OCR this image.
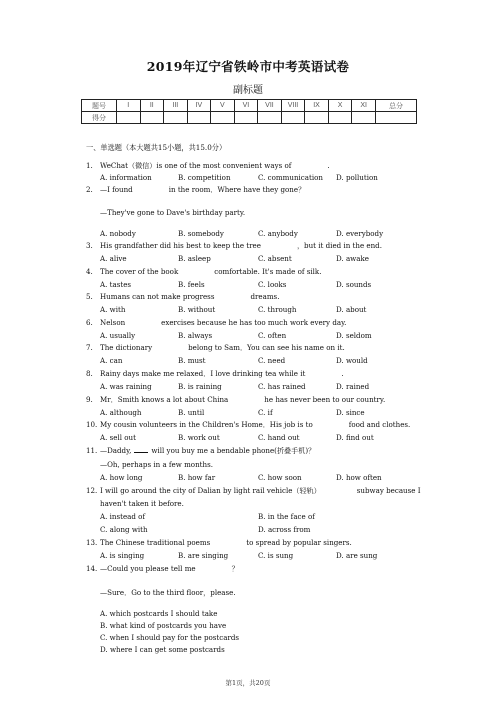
2019年辽宁省铁岭市中考英语试卷
副标题
题号	I	II	III	IV	V	VI	VII	VIII	IX	X	XI	总分
得分												
一、单选题（本大题共15小题，共15.0分）
1. WeChat（微信）is one of the most convenient ways of	.
A. information	B. competition	C. communication D. pollution
2. —I found	in the room．Where have they gone？
—They've gone to Dave's birthday party.
A. nobody	B. somebody	C. anybody	D. everybody
3. His grandfather did his best to keep the tree	，but it died in the end.
A. alive	B. asleep	C. absent	D. awake
4. The cover of the book	comfortable. It's made of silk.
A. tastes	B. feels	C. looks	D. sounds
5. Humans can not make progress	dreams.
A. with	B. without	C. through	D. about
6. Nelson	exercises because he has too much work every day.
A. usually	B. always	C. often	D. seldom
7. The dictionary	belong to Sam．You can see his name on it.
A. can	B. must	C. need	D. would
8. Rainy days make me relaxed．I love drinking tea while it	.
A. was raining	B. is raining	C. has rained	D. rained
9. Mr．Smith knows a lot about China	he has never been to our country.
A. although	B. until	C. if	D. since
10. My cousin volunteers in the Children's Home．His job is to	food and clothes.
A. sell out	B. work out	C. hand out	D. find out
11. —Daddy,	will you buy me a bendable phone(折叠手机)？
—Oh, perhaps in a few months.
A. how long	B. how far	C. how soon	D. how often
12. I will go around the city of Dalian by light rail vehicle（轻轨）	subway because I
haven't taken it before.
A. instead of	B. in the face of
C. along with	D. across from
13. The Chinese traditional poems	to spread by popular singers.
A. is singing	B. are singing	C. is sung	D. are sung
14. —Could you please tell me	？
—Sure．Go to the third floor，please.
A. which postcards I should take
B. what kind of postcards you have
C. when I should pay for the postcards
D. where I can get some postcards
第1页，共20页
